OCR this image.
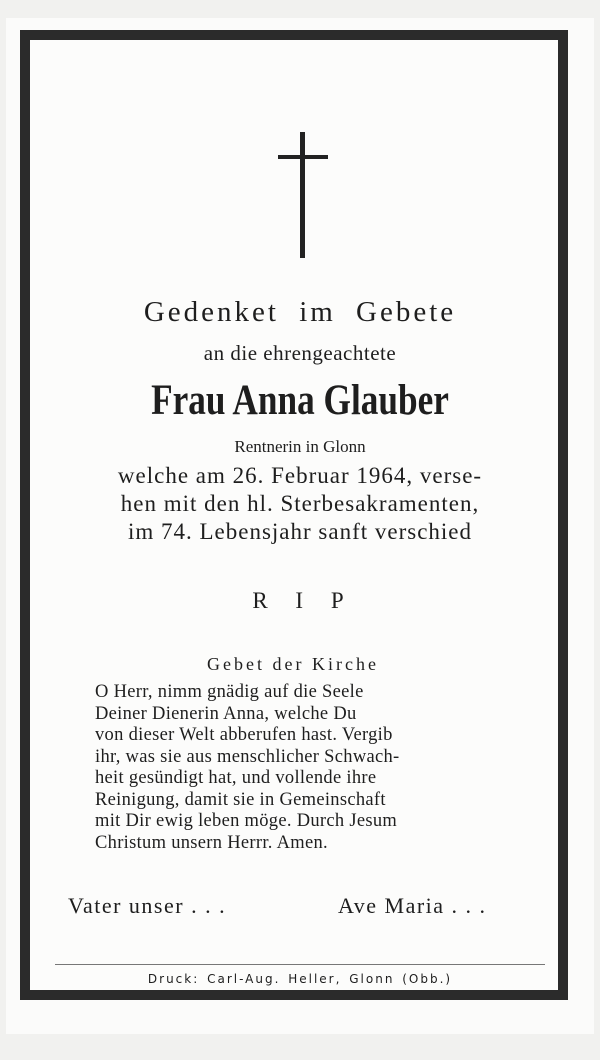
Gedenket im Gebete
an die ehrengeachtete
Frau Anna Glauber
Rentnerin in Glonn
welche am 26. Februar 1964, verse-
hen mit den hl. Sterbesakramenten,
im 74. Lebensjahr sanft verschied
R I P
Gebet der Kirche
O Herr, nimm gnädig auf die Seele
Deiner Dienerin Anna, welche Du
von dieser Welt abberufen hast. Vergib
ihr, was sie aus menschlicher Schwach-
heit gesündigt hat, und vollende ihre
Reinigung, damit sie in Gemeinschaft
mit Dir ewig leben möge. Durch Jesum
Christum unsern Herrr. Amen.
Vater unser . . .	Ave Maria . . .
Druck: Carl-Aug. Heller, Glonn (Obb.)
